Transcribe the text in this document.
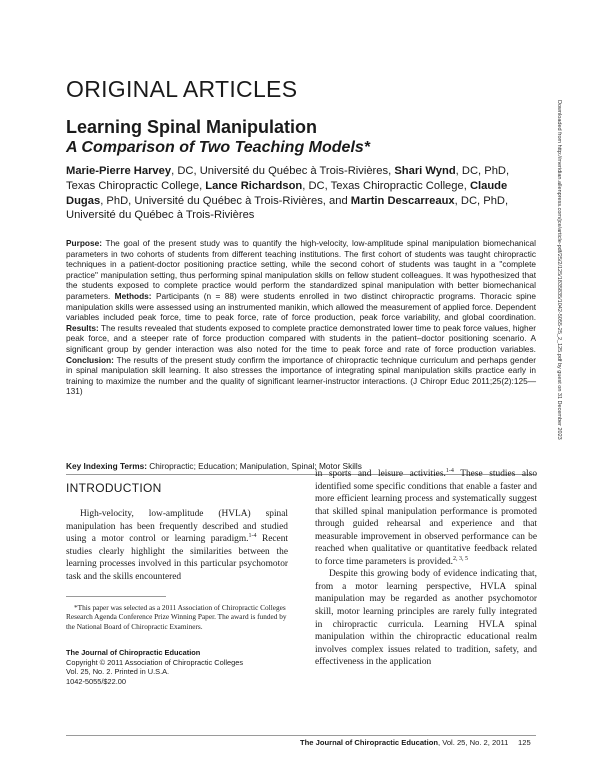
ORIGINAL ARTICLES
Learning Spinal Manipulation
A Comparison of Two Teaching Models*

Marie-Pierre Harvey, DC, Université du Québec à Trois-Rivières, Shari Wynd, DC, PhD, Texas Chiropractic College, Lance Richardson, DC, Texas Chiropractic College, Claude Dugas, PhD, Université du Québec à Trois-Rivières, and Martin Descarreaux, DC, PhD, Université du Québec à Trois-Rivières

Purpose: The goal of the present study was to quantify the high-velocity, low-amplitude spinal manipulation biomechanical parameters in two cohorts of students from different teaching institutions. The first cohort of students was taught chiropractic techniques in a patient-doctor positioning practice setting, while the second cohort of students was taught in a "complete practice" manipulation setting, thus performing spinal manipulation skills on fellow student colleagues. It was hypothesized that the students exposed to complete practice would perform the standardized spinal manipulation with better biomechanical parameters. Methods: Participants (n = 88) were students enrolled in two distinct chiropractic programs. Thoracic spine manipulation skills were assessed using an instrumented manikin, which allowed the measurement of applied force. Dependent variables included peak force, time to peak force, rate of force production, peak force variability, and global coordination. Results: The results revealed that students exposed to complete practice demonstrated lower time to peak force values, higher peak force, and a steeper rate of force production compared with students in the patient–doctor positioning scenario. A significant group by gender interaction was also noted for the time to peak force and rate of force production variables. Conclusion: The results of the present study confirm the importance of chiropractic technique curriculum and perhaps gender in spinal manipulation skill learning. It also stresses the importance of integrating spinal manipulation skills practice early in training to maximize the number and the quality of significant learner-instructor interactions. (J Chiropr Educ 2011;25(2):125—131)

Key Indexing Terms: Chiropractic; Education; Manipulation, Spinal; Motor Skills

INTRODUCTION

High-velocity, low-amplitude (HVLA) spinal manipulation has been frequently described and studied using a motor control or learning paradigm.$^{1-4}$ Recent studies clearly highlight the similarities between the learning processes involved in this particular psychomotor task and the skills encountered

in sports and leisure activities.$^{1-4}$ These studies also identified some specific conditions that enable a faster and more efficient learning process and systematically suggest that skilled spinal manipulation performance is promoted through guided rehearsal and experience and that measurable improvement in observed performance can be reached when qualitative or quantitative feedback related to force time parameters is provided.$^{2, 3, 5}$

Despite this growing body of evidence indicating that, from a motor learning perspective, HVLA spinal manipulation may be regarded as another psychomotor skill, motor learning principles are rarely fully integrated in chiropractic curricula. Learning HVLA spinal manipulation within the chiropractic educational realm involves complex issues related to tradition, safety, and effectiveness in the application

*This paper was selected as a 2011 Association of Chiropractic Colleges Research Agenda Conference Prize Winning Paper. The award is funded by the National Board of Chiropractic Examiners.

The Journal of Chiropractic Education
Copyright © 2011 Association of Chiropractic Colleges
Vol. 25, No. 2. Printed in U.S.A.
1042-5055/$22.00
The Journal of Chiropractic Education, Vol. 25, No. 2, 2011 125
Downloaded from http://meridian.allenpress.com/jce/article-pdf/25/2/125/1835835/1042-5055-25_2_125.pdf by guest on 31 December 2023
